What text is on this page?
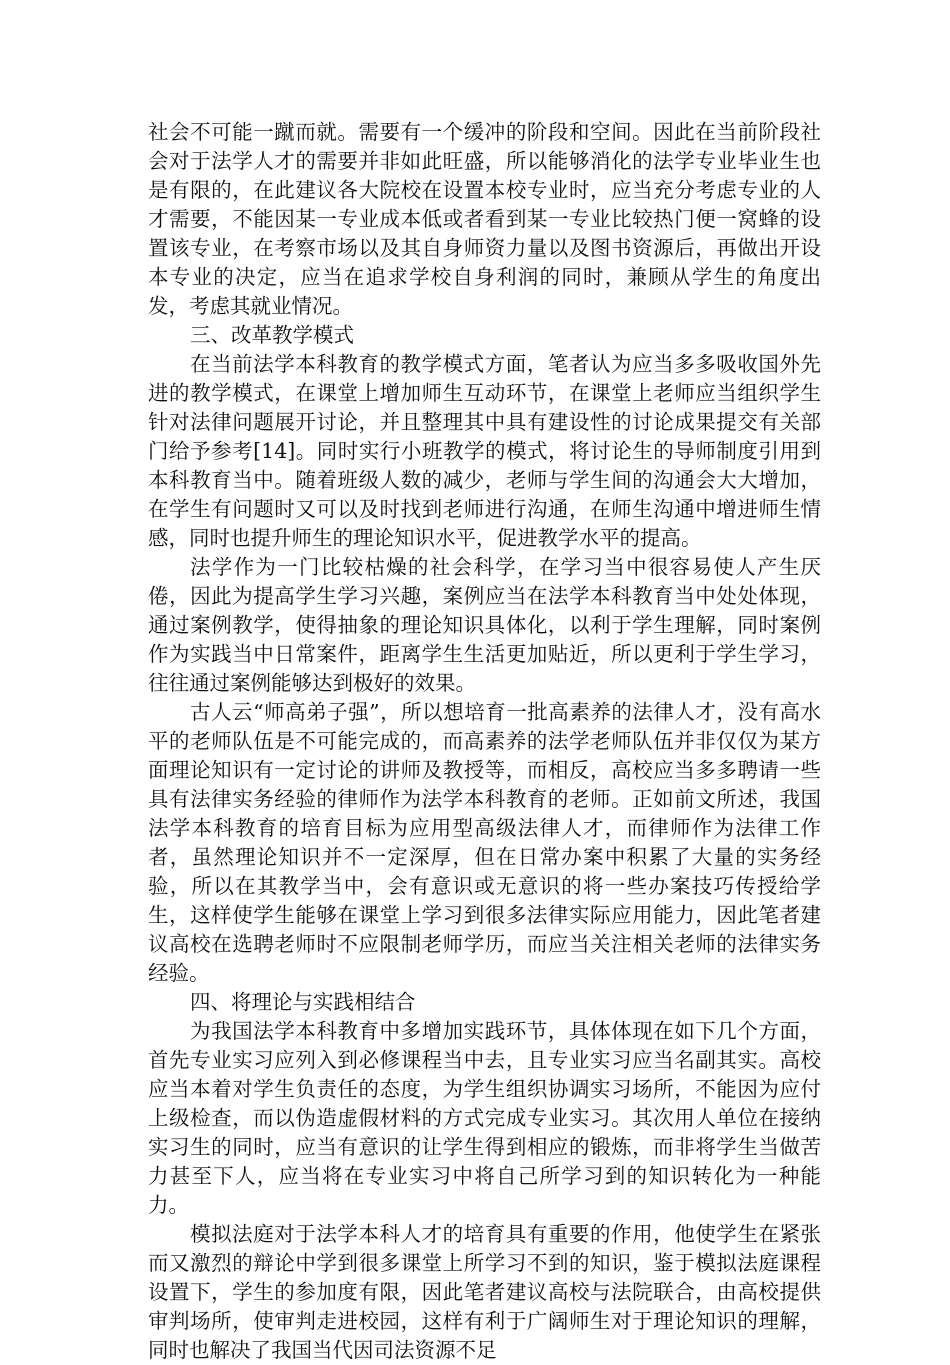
社会不可能一蹴而就。需要有一个缓冲的阶段和空间。因此在当前阶段社会对于法学人才的需要并非如此旺盛，所以能够消化的法学专业毕业生也是有限的，在此建议各大院校在设置本校专业时，应当充分考虑专业的人才需要，不能因某一专业成本低或者看到某一专业比较热门便一窝蜂的设置该专业，在考察市场以及其自身师资力量以及图书资源后，再做出开设本专业的决定，应当在追求学校自身利润的同时，兼顾从学生的角度出发，考虑其就业情况。

三、改革教学模式

在当前法学本科教育的教学模式方面，笔者认为应当多多吸收国外先进的教学模式，在课堂上增加师生互动环节，在课堂上老师应当组织学生针对法律问题展开讨论，并且整理其中具有建设性的讨论成果提交有关部门给予参考[14]。同时实行小班教学的模式，将讨论生的导师制度引用到本科教育当中。随着班级人数的减少，老师与学生间的沟通会大大增加，在学生有问题时又可以及时找到老师进行沟通，在师生沟通中增进师生情感，同时也提升师生的理论知识水平，促进教学水平的提高。

法学作为一门比较枯燥的社会科学，在学习当中很容易使人产生厌倦，因此为提高学生学习兴趣，案例应当在法学本科教育当中处处体现，通过案例教学，使得抽象的理论知识具体化，以利于学生理解，同时案例作为实践当中日常案件，距离学生生活更加贴近，所以更利于学生学习，往往通过案例能够达到极好的效果。

古人云“师高弟子强”，所以想培育一批高素养的法律人才，没有高水平的老师队伍是不可能完成的，而高素养的法学老师队伍并非仅仅为某方面理论知识有一定讨论的讲师及教授等，而相反，高校应当多多聘请一些具有法律实务经验的律师作为法学本科教育的老师。正如前文所述，我国法学本科教育的培育目标为应用型高级法律人才，而律师作为法律工作者，虽然理论知识并不一定深厚，但在日常办案中积累了大量的实务经验，所以在其教学当中，会有意识或无意识的将一些办案技巧传授给学生，这样使学生能够在课堂上学习到很多法律实际应用能力，因此笔者建议高校在选聘老师时不应限制老师学历，而应当关注相关老师的法律实务经验。

四、将理论与实践相结合

为我国法学本科教育中多增加实践环节，具体体现在如下几个方面，首先专业实习应列入到必修课程当中去，且专业实习应当名副其实。高校应当本着对学生负责任的态度，为学生组织协调实习场所，不能因为应付上级检查，而以伪造虚假材料的方式完成专业实习。其次用人单位在接纳实习生的同时，应当有意识的让学生得到相应的锻炼，而非将学生当做苦力甚至下人，应当将在专业实习中将自己所学习到的知识转化为一种能力。

模拟法庭对于法学本科人才的培育具有重要的作用，他使学生在紧张而又激烈的辩论中学到很多课堂上所学习不到的知识，鉴于模拟法庭课程设置下，学生的参加度有限，因此笔者建议高校与法院联合，由高校提供审判场所，使审判走进校园，这样有利于广阔师生对于理论知识的理解，同时也解决了我国当代因司法资源不足
